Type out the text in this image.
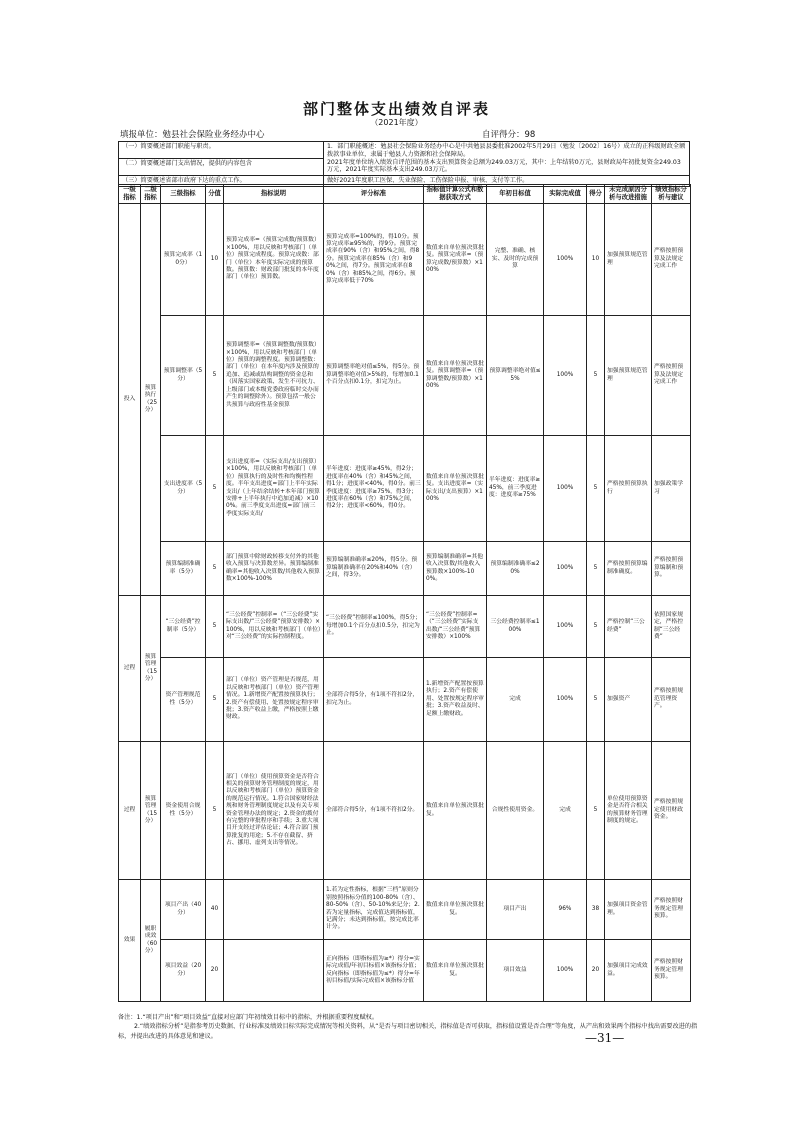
部门整体支出绩效自评表
（2021年度）
填报单位：勉县社会保险业务经办中心	自评得分：98
（一）简要概述部门职能与职责。	1．部门职能概述：勉县社会保险业务经办中心是中共勉县县委批准2002年5月29日（勉发〔2002〕16号）成立的正科级财政全额拨款事业单位，隶属于勉县人力资源和社会保障局。
2021年度单位纳入绩效自评范围的基本支出预算资金总额为249.03万元，其中：上年结转0万元，县财政局年初批复资金249.03万元，2021年度实际基本支出249.03万元。
（二）简要概述部门支出情况，提供的内容包含	
（三）简要概述省部市政府下达的重点工作。	做好2021年度职工医保、失业保险、工伤保险申报、审核、支付等工作。
一级指标	二级指标	三级指标	分值	指标说明	评分标准	指标值计算公式和数据获取方式	年初目标值	实际完成值	得分	未完成原因分析与改进措施	绩效指标分析与建议
投入	预算执行（25分）	预算完成率（10分）	10	预算完成率=（预算完成数/预算数）×100%，用以反映和考核部门（单位）预算完成程度。预算完成数：部门（单位）本年度实际完成的预算数。预算数：财政部门批复的本年度部门（单位）预算数。	预算完成率=100%的，得10分。预算完成率≥95%的，得9分。预算完成率在90%（含）和95%之间，得8分。预算完成率在85%（含）和90%之间，得7分。预算完成率在80%（含）和85%之间，得6分。预算完成率低于70%	数值来自单位预决算批复。预算完成率=（预算完成数/预算数）×100%	完整、准确、核实、及时的完成预算	100%	10	加强预算规范管理	严格按照预算及法规定完成工作
		预算调整率（5分）	5	预算调整率=（预算调整数/预算数）×100%，用以反映和考核部门（单位）预算的调整程度。预算调整数：部门（单位）在本年度内涉及预算的追加、追减或结构调整的资金总和（因落实国家政策、发生不可抗力、上级部门或本级党委政府临时交办而产生的调整除外）。预算包括一般公共预算与政府性基金预算	预算调整率绝对值≤5%，得5分。预算调整率绝对值>5%的，每增加0.1个百分点扣0.1分，扣完为止。	数值来自单位预决算批复。预算调整率=（预算调整数/预算数）×100%	预算调整率绝对值≤5%	100%	5	加强预算规范管理	严格按照预算及法规定完成工作
		支出进度率（5分）	5	支出进度率=（实际支出/支出预算）×100%，用以反映和考核部门（单位）预算执行的及时性和均衡性程度。半年支出进度=部门上半年实际支出/（上年结余结转+本年部门预算安排+上半年执行中追加追减）×100%。前三季度支出进度=部门前三季度实际支出/	半年进度：进度率≥45%，得2分；进度率在40%（含）和45%之间，得1分；进度率<40%，得0分。前三季度进度：进度率≥75%，得3分；进度率在60%（含）和75%之间，得2分；进度率<60%，得0分。	数值来自单位预决算批复。支出进度率=（实际支出/支出预算）×100%	半年进度：进度率≥45%，前三季度进度：进度率≥75%	100%	5	严格按照预算执行	加强政策学习
		预算编制准确率（5分）	5	部门预算中除财政转移支付外的其他收入预算与决算数差异。预算编制准确率=其他收入决算数/其他收入预算数×100%-100%	预算编制准确率≤20%，得5分。预算编制准确率在20%和40%（含）之间，得3分。	预算编制准确率=其他收入决算数/其他收入预算数×100%-100%。	预算编制准确率≤20%	100%	5	严格按照预算编制准确度。	严格按照预算编制和预算。
过程	预算管理（15分）	“三公经费”控制率（5分）	5	“三公经费”控制率=（“三公经费”实际支出数/“三公经费”预算安排数）×100%，用以反映和考核部门（单位）对“三公经费”的实际控制程度。	“三公经费”控制率≤100%，得5分；每增加0.1个百分点扣0.5分，扣完为止。	“三公经费”控制率=（“三公经费”实际支出数/“三公经费”预算安排数）×100%	三公经费控制率≤100%	100%	5	严格控制“三公经费”	依照国家规定，严格控制“三公经费”
		资产管理规范性（5分）	5	部门（单位）资产管理是否规范，用以反映和考核部门（单位）资产管理情况。1.新增资产配置按预算执行；2.资产有偿使用、处置按规定程序审批；3.资产收益上缴，严格按照上缴财政。	全部符合得5分，有1项不符扣2分，扣完为止。	1.新增资产配置按预算执行；2.资产有偿使用、处置按规定程序审批；3.资产收益及时、足额上缴财政。	完成	100%	5	加强资产	严格按照规范管理资产。
过程	预算管理（15分）	资金使用合规性（5分）	5	部门（单位）使用预算资金是否符合相关的预算财务管理制度的规定，用以反映和考核部门（单位）预算资金的规范运行情况。1.符合国家财经法规和财务管理制度规定以及有关专项资金管理办法的规定；2.资金的拨付有完整的审批程序和手续；3.重大项目开支经过评估论证；4.符合部门预算批复的用途；5.不存在截留、挤占、挪用、虚列支出等情况。	全部符合得5分，有1项不符扣2分。	数值来自单位预决算批复。	合规性使用资金。	完成	5	单位使用预算资金是否符合相关的预算财务管理制度的规定。	严格按照规定使用财政资金。
效果	履职成效（60分）	项目产出（40分）	40		1.若为定性指标，根据“三档”原则分别按照指标分值的100-80%（含）、80-50%（含）、50-10%来记分；2.若为定量指标，完成值达到指标值，记满分；未达到指标值，按完成比率计分。	数值来自单位预决算批复。	项目产出	96%	38	加强项目资金管理。	严格按照财务规定管理预算。
		项目效益（20分）	20		正向指标（即指标值为≥*）得分=实际完成值/年初目标值×该指标分值；反向指标（即指标值为≤*）得分=年初目标值/实际完成值×该指标分值	数值来自单位预决算批复。	项目效益	100%	20	加强项目完成效益。	严格按照财务规定管理预算。
备注：1.“项目产出”和“项目效益”直接对应部门年初绩效目标中的指标，并根据重要程度赋权。
2.“绩效指标分析”是指参考历史数据、行业标准及绩效目标实际完成情况等相关资料，从“是否与项目密切相关，指标值是否可获取，指标值设置是否合理”等角度，从产出和效果两个指标中找出需要改进的指标，并提出改进的具体意见和建议。	—31—
